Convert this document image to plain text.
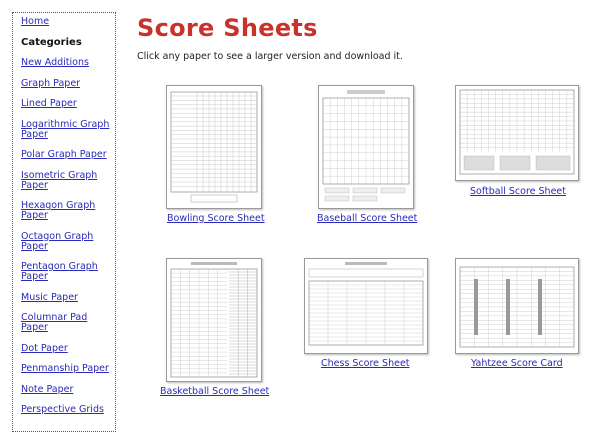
Home
Categories
New Additions
Graph Paper
Lined Paper
Logarithmic Graph Paper
Polar Graph Paper
Isometric Graph Paper
Hexagon Graph Paper
Octagon Graph Paper
Pentagon Graph Paper
Music Paper
Columnar Pad Paper
Dot Paper
Penmanship Paper
Note Paper
Perspective Grids
Score Sheets

Click any paper to see a larger version and download it.

Bowling Score Sheet	Baseball Score Sheet
Softball Score Sheet
Basketball Score Sheet
Chess Score Sheet	Yahtzee Score Card
